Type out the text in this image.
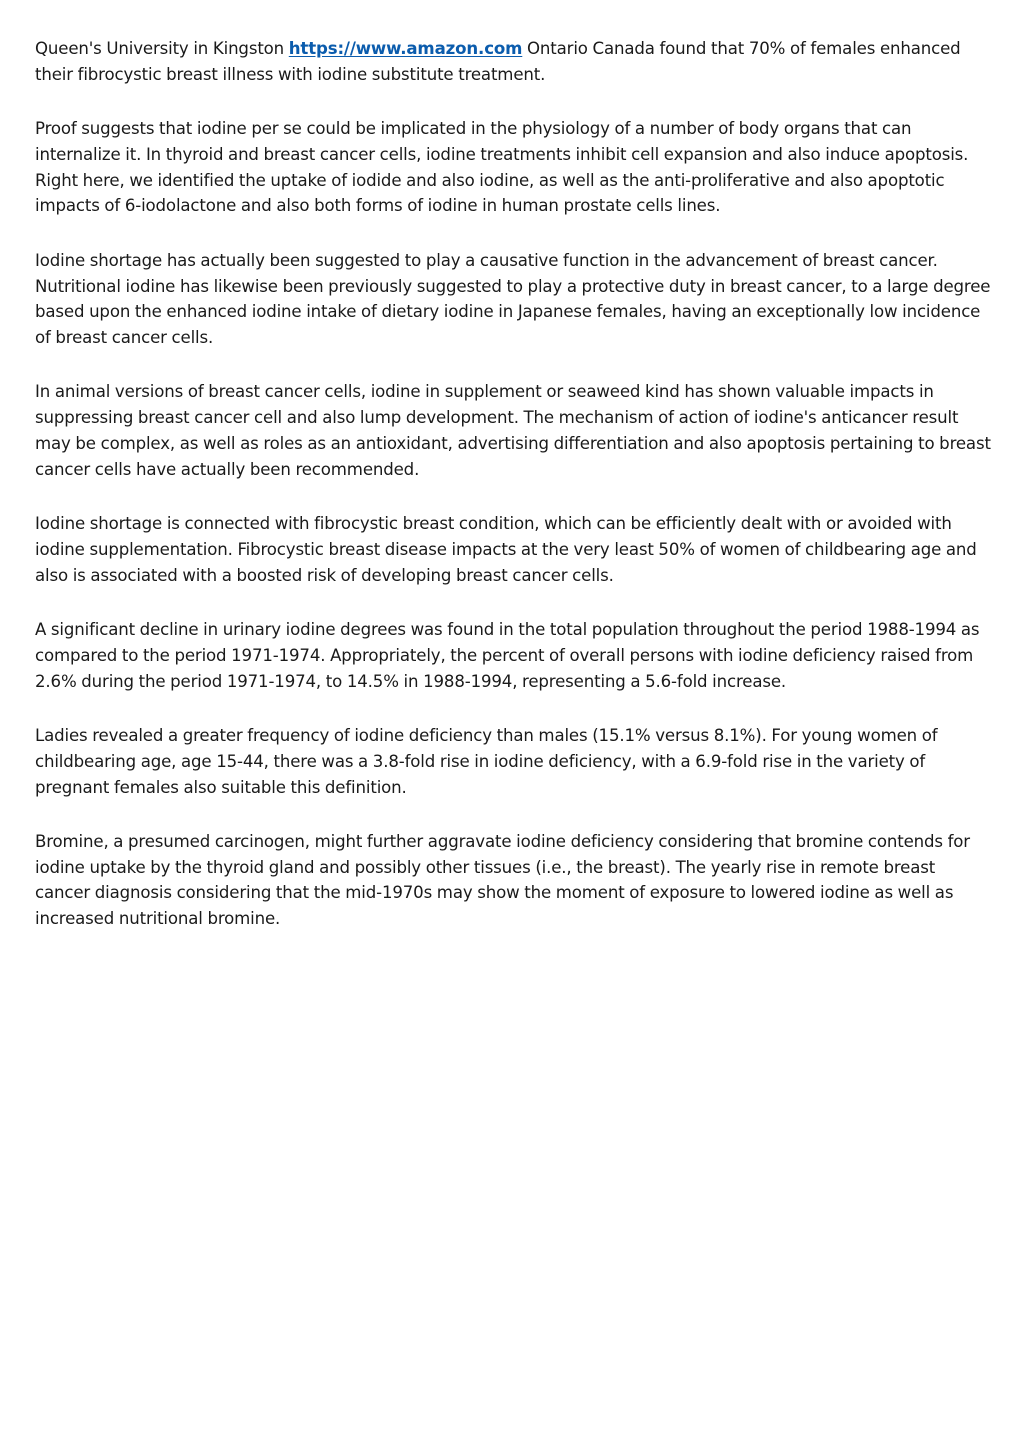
Queen's University in Kingston https://www.amazon.com Ontario Canada found that 70% of females enhanced their fibrocystic breast illness with iodine substitute treatment.

Proof suggests that iodine per se could be implicated in the physiology of a number of body organs that can internalize it. In thyroid and breast cancer cells, iodine treatments inhibit cell expansion and also induce apoptosis. Right here, we identified the uptake of iodide and also iodine, as well as the anti-proliferative and also apoptotic impacts of 6-iodolactone and also both forms of iodine in human prostate cells lines.

Iodine shortage has actually been suggested to play a causative function in the advancement of breast cancer. Nutritional iodine has likewise been previously suggested to play a protective duty in breast cancer, to a large degree based upon the enhanced iodine intake of dietary iodine in Japanese females, having an exceptionally low incidence of breast cancer cells.

In animal versions of breast cancer cells, iodine in supplement or seaweed kind has shown valuable impacts in suppressing breast cancer cell and also lump development. The mechanism of action of iodine's anticancer result may be complex, as well as roles as an antioxidant, advertising differentiation and also apoptosis pertaining to breast cancer cells have actually been recommended.

Iodine shortage is connected with fibrocystic breast condition, which can be efficiently dealt with or avoided with iodine supplementation. Fibrocystic breast disease impacts at the very least 50% of women of childbearing age and also is associated with a boosted risk of developing breast cancer cells.

A significant decline in urinary iodine degrees was found in the total population throughout the period 1988-1994 as compared to the period 1971-1974. Appropriately, the percent of overall persons with iodine deficiency raised from 2.6% during the period 1971-1974, to 14.5% in 1988-1994, representing a 5.6-fold increase.

Ladies revealed a greater frequency of iodine deficiency than males (15.1% versus 8.1%). For young women of childbearing age, age 15-44, there was a 3.8-fold rise in iodine deficiency, with a 6.9-fold rise in the variety of pregnant females also suitable this definition.

Bromine, a presumed carcinogen, might further aggravate iodine deficiency considering that bromine contends for iodine uptake by the thyroid gland and possibly other tissues (i.e., the breast). The yearly rise in remote breast cancer diagnosis considering that the mid-1970s may show the moment of exposure to lowered iodine as well as increased nutritional bromine.
